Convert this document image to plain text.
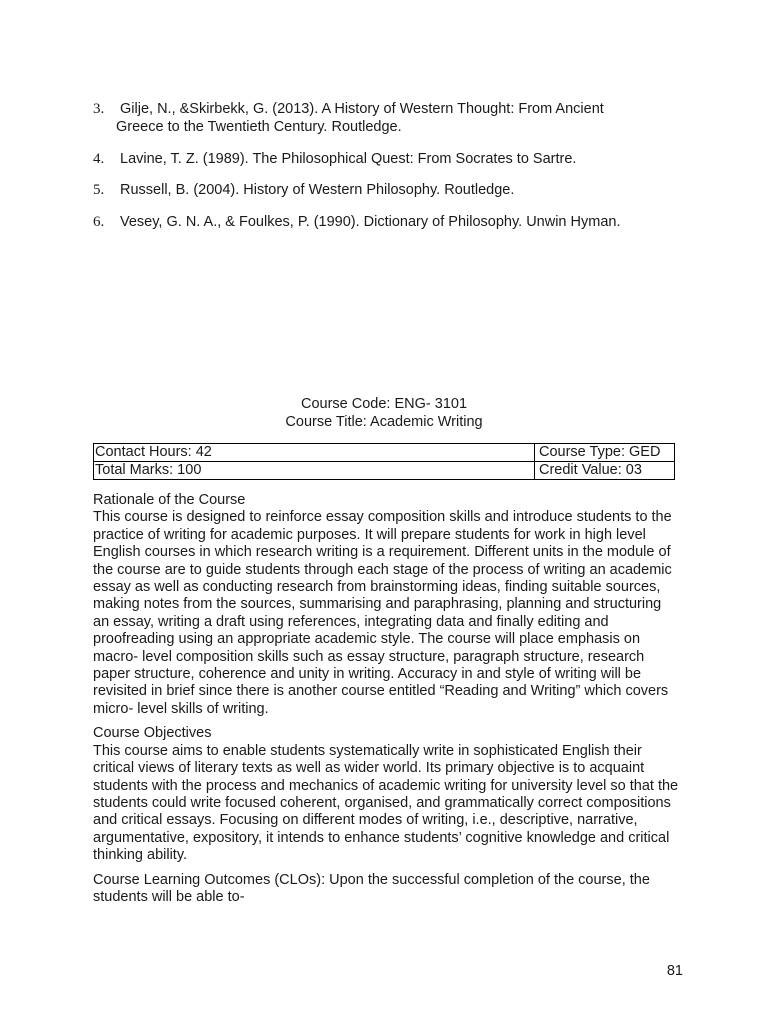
3.	Gilje, N., &Skirbekk, G. (2013). A History of Western Thought: From Ancient
Greece to the Twentieth Century. Routledge.
4.	Lavine, T. Z. (1989). The Philosophical Quest: From Socrates to Sartre.
5.	Russell, B. (2004). History of Western Philosophy. Routledge.
6.	Vesey, G. N. A., & Foulkes, P. (1990). Dictionary of Philosophy. Unwin Hyman.
Course Code: ENG- 3101
Course Title: Academic Writing
Contact Hours: 42	Course Type: GED
Total Marks: 100	Credit Value: 03

Rationale of the Course

This course is designed to reinforce essay composition skills and introduce students to the practice of writing for academic purposes. It will prepare students for work in high level English courses in which research writing is a requirement. Different units in the module of the course are to guide students through each stage of the process of writing an academic essay as well as conducting research from brainstorming ideas, finding suitable sources, making notes from the sources, summarising and paraphrasing, planning and structuring an essay, writing a draft using references, integrating data and finally editing and proofreading using an appropriate academic style. The course will place emphasis on macro- level composition skills such as essay structure, paragraph structure, research paper structure, coherence and unity in writing. Accuracy in and style of writing will be revisited in brief since there is another course entitled “Reading and Writing” which covers micro- level skills of writing.

Course Objectives

This course aims to enable students systematically write in sophisticated English their critical views of literary texts as well as wider world. Its primary objective is to acquaint students with the process and mechanics of academic writing for university level so that the students could write focused coherent, organised, and grammatically correct compositions and critical essays. Focusing on different modes of writing, i.e., descriptive, narrative, argumentative, expository, it intends to enhance students’ cognitive knowledge and critical thinking ability.

Course Learning Outcomes (CLOs): Upon the successful completion of the course, the students will be able to-

81
